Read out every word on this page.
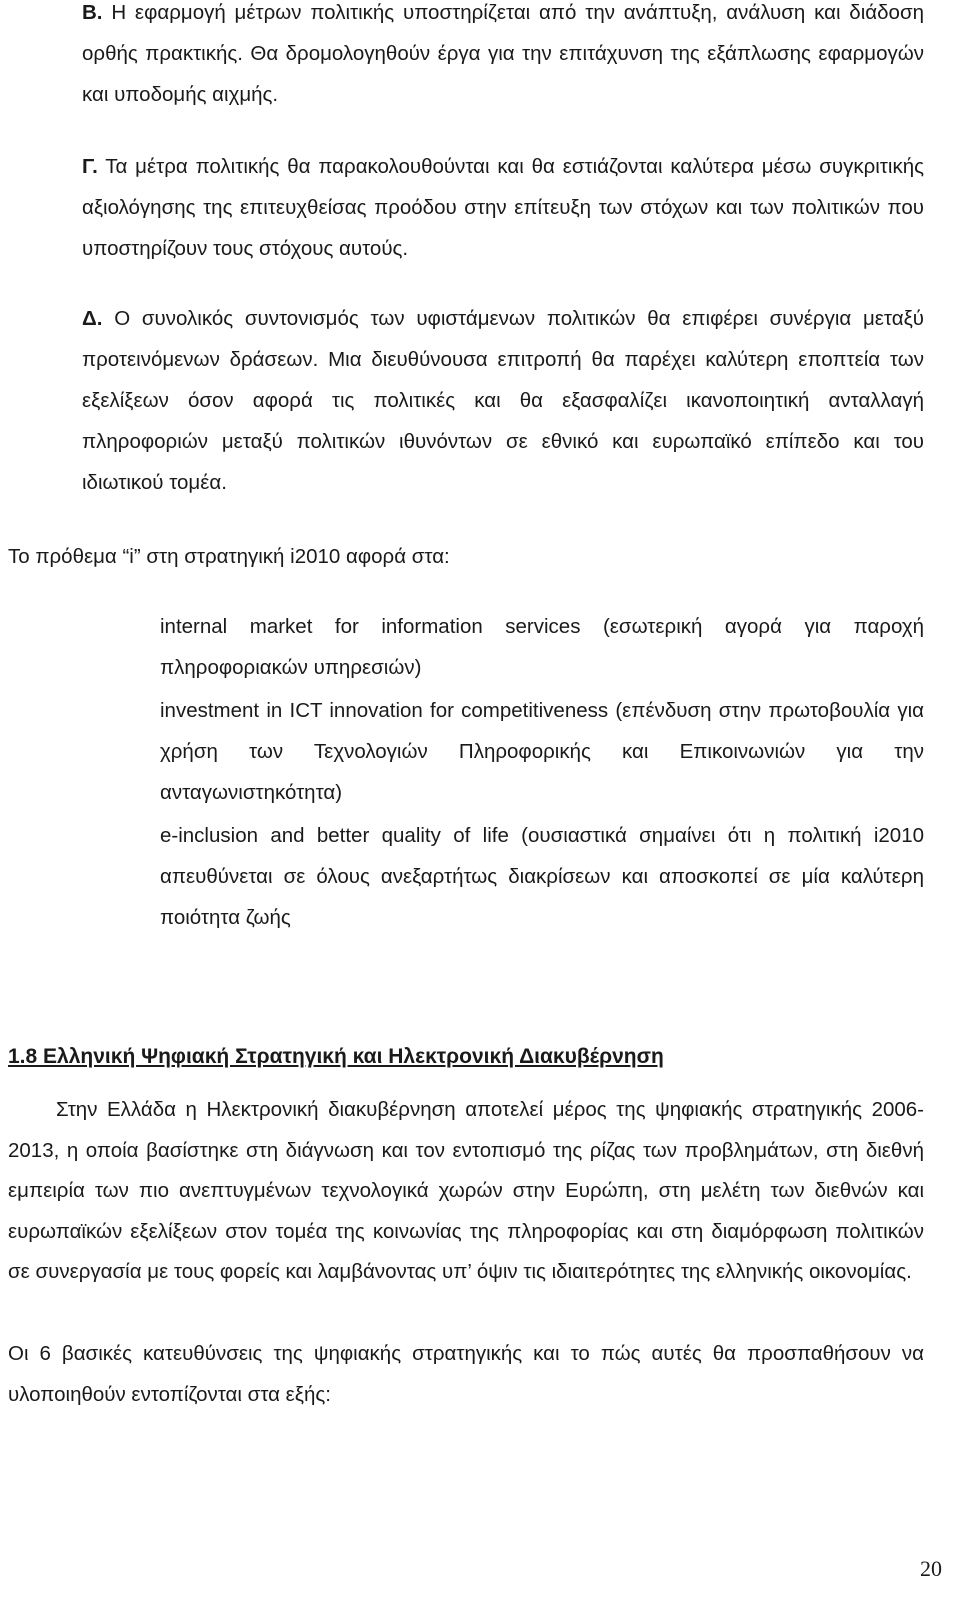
Β. Η εφαρμογή μέτρων πολιτικής υποστηρίζεται από την ανάπτυξη, ανάλυση και διάδοση ορθής πρακτικής. Θα δρομολογηθούν έργα για την επιτάχυνση της εξάπλωσης εφαρμογών και υποδομής αιχμής.

Γ. Τα μέτρα πολιτικής θα παρακολουθούνται και θα εστιάζονται καλύτερα μέσω συγκριτικής αξιολόγησης της επιτευχθείσας προόδου στην επίτευξη των στόχων και των πολιτικών που υποστηρίζουν τους στόχους αυτούς.

Δ. Ο συνολικός συντονισμός των υφιστάμενων πολιτικών θα επιφέρει συνέργια μεταξύ προτεινόμενων δράσεων. Μια διευθύνουσα επιτροπή θα παρέχει καλύτερη εποπτεία των εξελίξεων όσον αφορά τις πολιτικές και θα εξασφαλίζει ικανοποιητική ανταλλαγή πληροφοριών μεταξύ πολιτικών ιθυνόντων σε εθνικό και ευρωπαϊκό επίπεδο και του ιδιωτικού τομέα.

Το πρόθεμα “i” στη στρατηγική i2010 αφορά στα:

internal market for information services (εσωτερική αγορά για παροχή πληροφοριακών υπηρεσιών)
investment in ICT innovation for competitiveness (επένδυση στην πρωτοβουλία για χρήση των Τεχνολογιών Πληροφορικής και Επικοινωνιών για την ανταγωνιστηκότητα)
e-inclusion and better quality of life (ουσιαστικά σημαίνει ότι η πολιτική i2010 απευθύνεται σε όλους ανεξαρτήτως διακρίσεων και αποσκοπεί σε μία καλύτερη ποιότητα ζωής
1.8 Ελληνική Ψηφιακή Στρατηγική και Ηλεκτρονική Διακυβέρνηση

Στην Ελλάδα η Ηλεκτρονική διακυβέρνηση αποτελεί μέρος της ψηφιακής στρατηγικής 2006-2013, η οποία βασίστηκε στη διάγνωση και τον εντοπισμό της ρίζας των προβλημάτων, στη διεθνή εμπειρία των πιο ανεπτυγμένων τεχνολογικά χωρών στην Ευρώπη, στη μελέτη των διεθνών και ευρωπαϊκών εξελίξεων στον τομέα της κοινωνίας της πληροφορίας και στη διαμόρφωση πολιτικών σε συνεργασία με τους φορείς και λαμβάνοντας υπ’ όψιν τις ιδιαιτερότητες της ελληνικής οικονομίας.

Οι 6 βασικές κατευθύνσεις της ψηφιακής στρατηγικής και το πώς αυτές θα προσπαθήσουν να υλοποιηθούν εντοπίζονται στα εξής:

20
